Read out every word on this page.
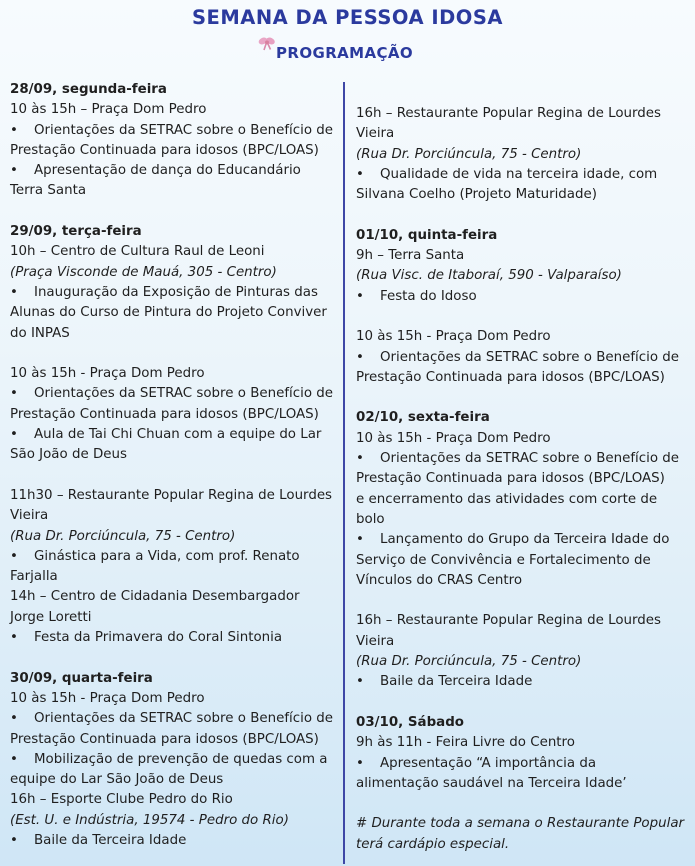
SEMANA DA PESSOA IDOSA
PROGRAMAÇÃO

28/09, segunda-feira

10 às 15h – Praça Dom Pedro

• Orientações da SETRAC sobre o Benefício de

Prestação Continuada para idosos (BPC/LOAS)

• Apresentação de dança do Educandário

Terra Santa

29/09, terça-feira

10h – Centro de Cultura Raul de Leoni

(Praça Visconde de Mauá, 305 - Centro)

• Inauguração da Exposição de Pinturas das

Alunas do Curso de Pintura do Projeto Conviver

do INPAS

10 às 15h - Praça Dom Pedro

• Orientações da SETRAC sobre o Benefício de

Prestação Continuada para idosos (BPC/LOAS)

• Aula de Tai Chi Chuan com a equipe do Lar

São João de Deus

11h30 – Restaurante Popular Regina de Lourdes

Vieira

(Rua Dr. Porciúncula, 75 - Centro)

• Ginástica para a Vida, com prof. Renato

Farjalla

14h – Centro de Cidadania Desembargador

Jorge Loretti

• Festa da Primavera do Coral Sintonia

30/09, quarta-feira

10 às 15h - Praça Dom Pedro

• Orientações da SETRAC sobre o Benefício de

Prestação Continuada para idosos (BPC/LOAS)

• Mobilização de prevenção de quedas com a

equipe do Lar São João de Deus

16h – Esporte Clube Pedro do Rio

(Est. U. e Indústria, 19574 - Pedro do Rio)

• Baile da Terceira Idade

16h – Restaurante Popular Regina de Lourdes

Vieira

(Rua Dr. Porciúncula, 75 - Centro)

• Qualidade de vida na terceira idade, com

Silvana Coelho (Projeto Maturidade)

01/10, quinta-feira

9h – Terra Santa

(Rua Visc. de Itaboraí, 590 - Valparaíso)

• Festa do Idoso

10 às 15h - Praça Dom Pedro

• Orientações da SETRAC sobre o Benefício de

Prestação Continuada para idosos (BPC/LOAS)

02/10, sexta-feira

10 às 15h - Praça Dom Pedro

• Orientações da SETRAC sobre o Benefício de

Prestação Continuada para idosos (BPC/LOAS)

e encerramento das atividades com corte de

bolo

• Lançamento do Grupo da Terceira Idade do

Serviço de Convivência e Fortalecimento de

Vínculos do CRAS Centro

16h – Restaurante Popular Regina de Lourdes

Vieira

(Rua Dr. Porciúncula, 75 - Centro)

• Baile da Terceira Idade

03/10, Sábado

9h às 11h - Feira Livre do Centro

• Apresentação “A importância da

alimentação saudável na Terceira Idade’

# Durante toda a semana o Restaurante Popular

terá cardápio especial.
